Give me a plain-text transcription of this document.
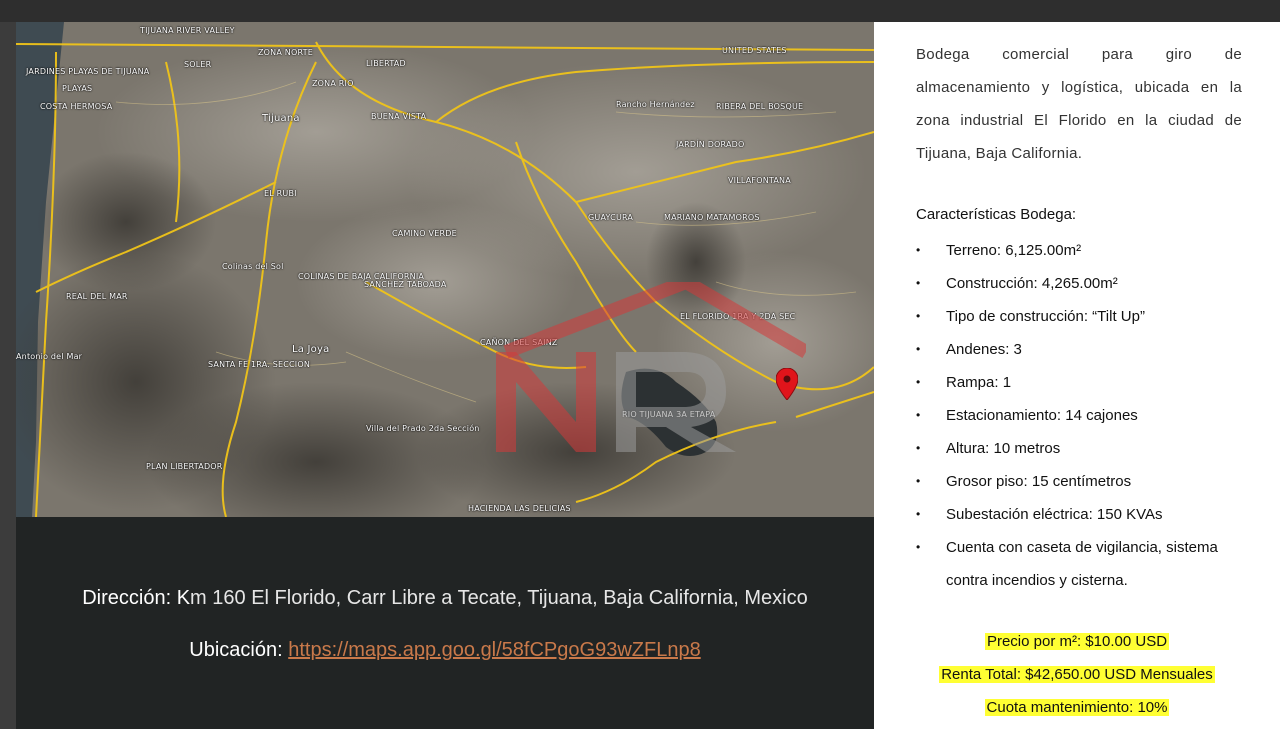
TIJUANA RIVER VALLEY
ZONA NORTE
LIBERTAD
UNITED STATES
JARDINES PLAYAS DE TIJUANA
PLAYAS
COSTA HERMOSA
SOLER
ZONA RIO
Tijuana	BUENA VISTA
Rancho Hernández	RIBERA DEL BOSQUE
JARDÍN DORADO
VILLAFONTANA
EL RUBI
GUAYCURA	MARIANO MATAMOROS
CAMINO VERDE
Colinas del Sol
COLINAS DE BAJA CALIFORNIA
SANCHEZ TABOADA
REAL DEL MAR
Antonio del Mar
La Joya
SANTA FE 1RA. SECCION
CAÑON DEL SAINZ
EL FLORIDO 1RA Y 2DA SEC
Villa del Prado 2da Sección
PLAN LIBERTADOR
HACIENDA LAS DELICIAS
Dirección: Km 160 El Florido, Carr Libre a Tecate, Tijuana, Baja California, Mexico
Ubicación: https://maps.app.goo.gl/58fCPgoG93wZFLnp8
Bodega comercial para giro de almacenamiento y logística, ubicada en la zona industrial El Florido en la ciudad de Tijuana, Baja California.
Características Bodega:
• Terreno: 6,125.00m²
• Construcción: 4,265.00m²
• Tipo de construcción: “Tilt Up”
• Andenes: 3
• Rampa: 1
• Estacionamiento: 14 cajones
• Altura: 10 metros
• Grosor piso: 15 centímetros
• Subestación eléctrica: 150 KVAs
• Cuenta con caseta de vigilancia, sistema contra incendios y cisterna.

Precio por m²: $10.00 USD

Renta Total: $42,650.00 USD Mensuales

Cuota mantenimiento: 10%
